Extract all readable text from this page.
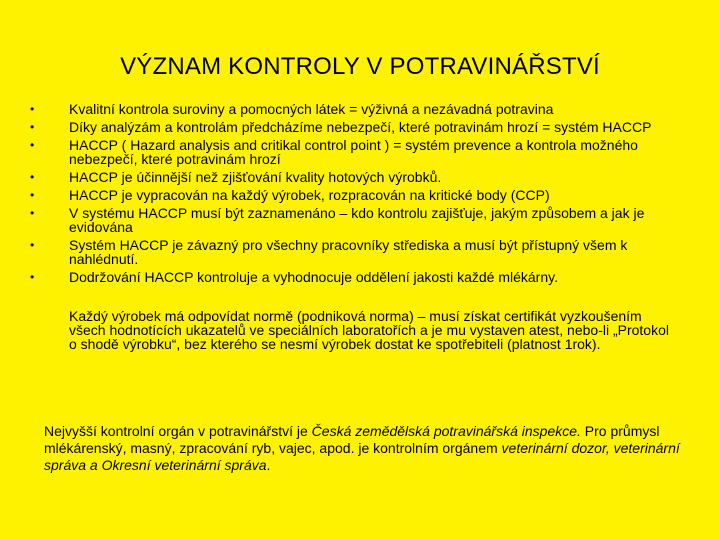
VÝZNAM KONTROLY V POTRAVINÁŘSTVÍ
• Kvalitní kontrola suroviny a pomocných látek = výživná a nezávadná potravina
• Díky analýzám a kontrolám předcházíme nebezpečí, které potravinám hrozí = systém HACCP
• HACCP ( Hazard analysis and critikal control point ) = systém prevence a kontrola možného nebezpečí, které potravinám hrozí
• HACCP je účinnější než zjišťování kvality hotových výrobků.
• HACCP je vypracován na každý výrobek, rozpracován na kritické body (CCP)
• V systému HACCP musí být zaznamenáno – kdo kontrolu zajišťuje, jakým způsobem a jak je evidována
• Systém HACCP je závazný pro všechny pracovníky střediska a musí být přístupný všem k nahlédnutí.
• Dodržování HACCP kontroluje a vyhodnocuje oddělení jakosti každé mlékárny.

Každý výrobek má odpovídat normě (podniková norma) – musí získat certifikát vyzkoušením všech hodnotících ukazatelů ve speciálních laboratořích a je mu vystaven atest, nebo-li „Protokol o shodě výrobku“, bez kterého se nesmí výrobek dostat ke spotřebiteli (platnost 1rok).

Nejvyšší kontrolní orgán v potravinářství je Česká zemědělská potravinářská inspekce. Pro průmysl mlékárenský, masný, zpracování ryb, vajec, apod. je kontrolním orgánem veterinární dozor, veterinární správa a Okresní veterinární správa.
